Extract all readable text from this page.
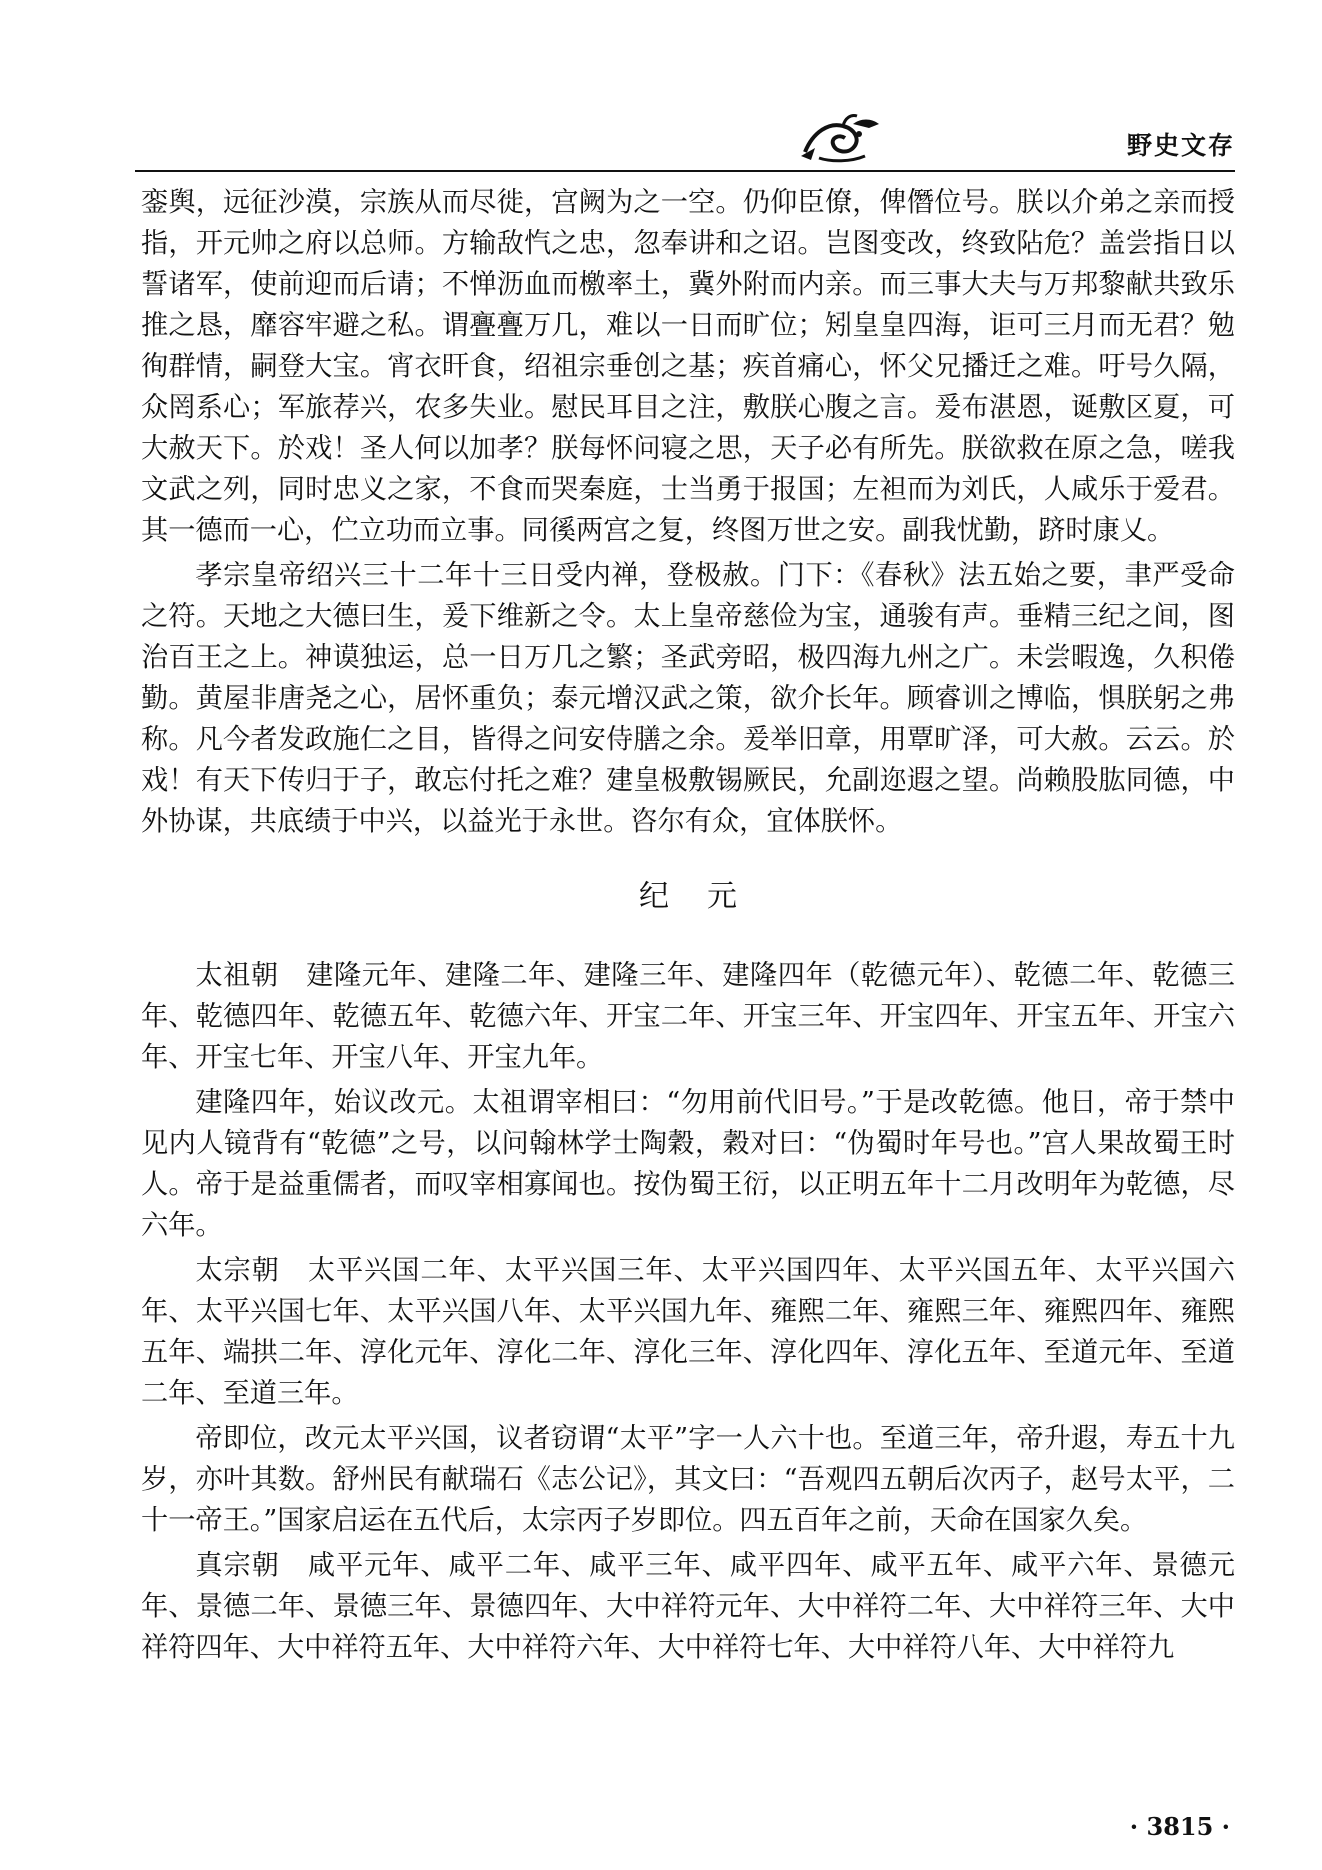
野史文存

銮舆，远征沙漠，宗族从而尽徙，宫阙为之一空。仍仰臣僚，俾僭位号。朕以介弟之亲而授指，开元帅之府以总师。方输敌忾之忠，忽奉讲和之诏。岂图变改，终致阽危？盖尝指日以誓诸军，使前迎而后请；不惮沥血而檄率土，冀外附而内亲。而三事大夫与万邦黎献共致乐推之恳，靡容牢避之私。谓亹亹万几，难以一日而旷位；矧皇皇四海，讵可三月而无君？勉徇群情，嗣登大宝。宵衣旰食，绍祖宗垂创之基；疾首痛心，怀父兄播迁之难。吁号久隔，众罔系心；军旅荐兴，农多失业。慰民耳目之注，敷朕心腹之言。爰布湛恩，诞敷区夏，可大赦天下。於戏！圣人何以加孝？朕每怀问寝之思，天子必有所先。朕欲救在原之急，嗟我文武之列，同时忠义之家，不食而哭秦庭，士当勇于报国；左袒而为刘氏，人咸乐于爱君。其一德而一心，伫立功而立事。同徯两宫之复，终图万世之安。副我忧勤，跻时康乂。

孝宗皇帝绍兴三十二年十三日受内禅，登极赦。门下：《春秋》法五始之要，聿严受命之符。天地之大德曰生，爰下维新之令。太上皇帝慈俭为宝，通骏有声。垂精三纪之间，图治百王之上。神谟独运，总一日万几之繁；圣武旁昭，极四海九州之广。未尝暇逸，久积倦勤。黄屋非唐尧之心，居怀重负；泰元增汉武之策，欲介长年。顾睿训之博临，惧朕躬之弗称。凡今者发政施仁之目，皆得之问安侍膳之余。爰举旧章，用覃旷泽，可大赦。云云。於戏！有天下传归于子，敢忘付托之难？建皇极敷锡厥民，允副迩遐之望。尚赖股肱同德，中外协谋，共底绩于中兴，以益光于永世。咨尔有众，宜体朕怀。

纪元

太祖朝　建隆元年、建隆二年、建隆三年、建隆四年（乾德元年）、乾德二年、乾德三年、乾德四年、乾德五年、乾德六年、开宝二年、开宝三年、开宝四年、开宝五年、开宝六年、开宝七年、开宝八年、开宝九年。

建隆四年，始议改元。太祖谓宰相曰：“勿用前代旧号。”于是改乾德。他日，帝于禁中见内人镜背有“乾德”之号，以问翰林学士陶穀，穀对曰：“伪蜀时年号也。”宫人果故蜀王时人。帝于是益重儒者，而叹宰相寡闻也。按伪蜀王衍，以正明五年十二月改明年为乾德，尽六年。

太宗朝　太平兴国二年、太平兴国三年、太平兴国四年、太平兴国五年、太平兴国六年、太平兴国七年、太平兴国八年、太平兴国九年、雍熙二年、雍熙三年、雍熙四年、雍熙五年、端拱二年、淳化元年、淳化二年、淳化三年、淳化四年、淳化五年、至道元年、至道二年、至道三年。

帝即位，改元太平兴国，议者窃谓“太平”字一人六十也。至道三年，帝升遐，寿五十九岁，亦叶其数。舒州民有献瑞石《志公记》，其文曰：“吾观四五朝后次丙子，赵号太平，二十一帝王。”国家启运在五代后，太宗丙子岁即位。四五百年之前，天命在国家久矣。

真宗朝　咸平元年、咸平二年、咸平三年、咸平四年、咸平五年、咸平六年、景德元年、景德二年、景德三年、景德四年、大中祥符元年、大中祥符二年、大中祥符三年、大中祥符四年、大中祥符五年、大中祥符六年、大中祥符七年、大中祥符八年、大中祥符九

· 3815 ·
